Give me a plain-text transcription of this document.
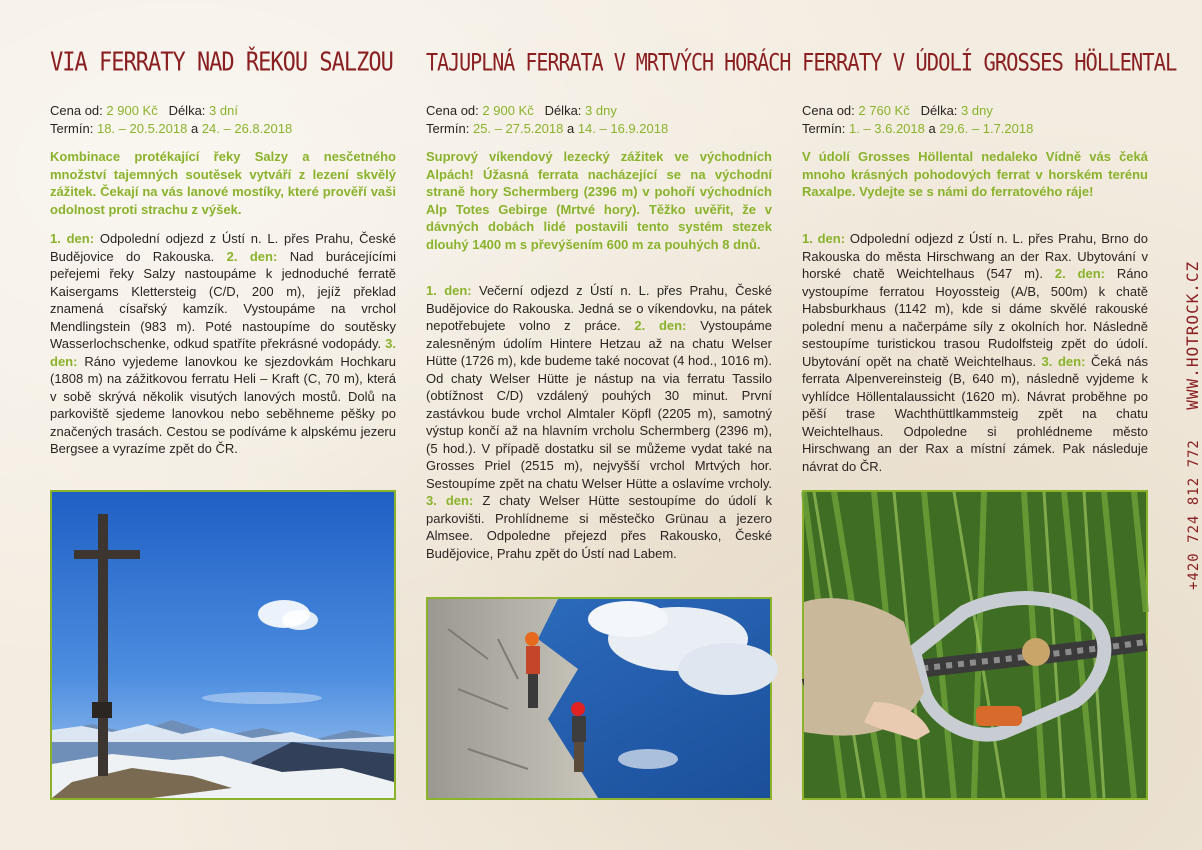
VIA FERRATY NAD ŘEKOU SALZOU
Cena od: 2 900 Kč Délka: 3 dní
Termín: 18. – 20.5.2018 a 24. – 26.8.2018

Kombinace protékající řeky Salzy a nesčetného množství tajemných soutěsek vytváří z lezení skvělý zážitek. Čekají na vás lanové mostíky, které prověří vaši odolnost proti strachu z výšek.

1. den: Odpolední odjezd z Ústí n. L. přes Prahu, České Budějovice do Rakouska. 2. den: Nad burácejícími peřejemi řeky Salzy nastoupáme k jednoduché ferratě Kaisergams Klettersteig (C/D, 200 m), jejíž překlad znamená císařský kamzík. Vystoupáme na vrchol Mendlingstein (983 m). Poté nastoupíme do soutěsky Wasserlochschenke, odkud spatříte překrásné vodopády. 3. den: Ráno vyjedeme lanovkou ke sjezdovkám Hochkaru (1808 m) na zážitkovou ferratu Heli – Kraft (C, 70 m), která v sobě skrývá několik visutých lanových mostů. Dolů na parkoviště sjedeme lanovkou nebo seběhneme pěšky po značených trasách. Cestou se podíváme k alpskému jezeru Bergsee a vyrazíme zpět do ČR.

TAJUPLNÁ FERRATA V MRTVÝCH HORÁCH
Cena od: 2 900 Kč Délka: 3 dny
Termín: 25. – 27.5.2018 a 14. – 16.9.2018

Suprový víkendový lezecký zážitek ve východních Alpách! Úžasná ferrata nacházející se na východní straně hory Schermberg (2396 m) v pohoří východních Alp Totes Gebirge (Mrtvé hory). Těžko uvěřit, že v dávných dobách lidé postavili tento systém stezek dlouhý 1400 m s převýšením 600 m za pouhých 8 dnů.

1. den: Večerní odjezd z Ústí n. L. přes Prahu, České Budějovice do Rakouska. Jedná se o víkendovku, na pátek nepotřebujete volno z práce. 2. den: Vystoupáme zalesněným údolím Hintere Hetzau až na chatu Welser Hütte (1726 m), kde budeme také nocovat (4 hod., 1016 m). Od chaty Welser Hütte je nástup na via ferratu Tassilo (obtížnost C/D) vzdálený pouhých 30 minut. První zastávkou bude vrchol Almtaler Köpfl (2205 m), samotný výstup končí až na hlavním vrcholu Schermberg (2396 m), (5 hod.). V případě dostatku sil se můžeme vydat také na Grosses Priel (2515 m), nejvyšší vrchol Mrtvých hor. Sestoupíme zpět na chatu Welser Hütte a oslavíme vrcholy. 3. den: Z chaty Welser Hütte sestoupíme do údolí k parkovišti. Prohlídneme si městečko Grünau a jezero Almsee. Odpoledne přejezd přes Rakousko, České Budějovice, Prahu zpět do Ústí nad Labem.

FERRATY V ÚDOLÍ GROSSES HÖLLENTAL
Cena od: 2 760 Kč Délka: 3 dny
Termín: 1. – 3.6.2018 a 29.6. – 1.7.2018

V údolí Grosses Höllental nedaleko Vídně vás čeká mnoho krásných pohodových ferrat v horském terénu Raxalpe. Vydejte se s námi do ferratového ráje!

1. den: Odpolední odjezd z Ústí n. L. přes Prahu, Brno do Rakouska do města Hirschwang an der Rax. Ubytování v horské chatě Weichtelhaus (547 m). 2. den: Ráno vystoupíme ferratou Hoyossteig (A/B, 500m) k chatě Habsburkhaus (1142 m), kde si dáme skvělé rakouské polední menu a načerpáme síly z okolních hor. Následně sestoupíme turistickou trasou Rudolfsteig zpět do údolí. Ubytování opět na chatě Weichtelhaus. 3. den: Čeká nás ferrata Alpenvereinsteig (B, 640 m), následně vyjdeme k vyhlídce Höllentalaussicht (1620 m). Návrat proběhne po pěší trase Wachthüttlkammsteig zpět na chatu Weichtelhaus. Odpoledne si prohlédneme město Hirschwang an der Rax a místní zámek. Pak následuje návrat do ČR.	+420 724 812 772 WWW.HOTROCK.CZ
